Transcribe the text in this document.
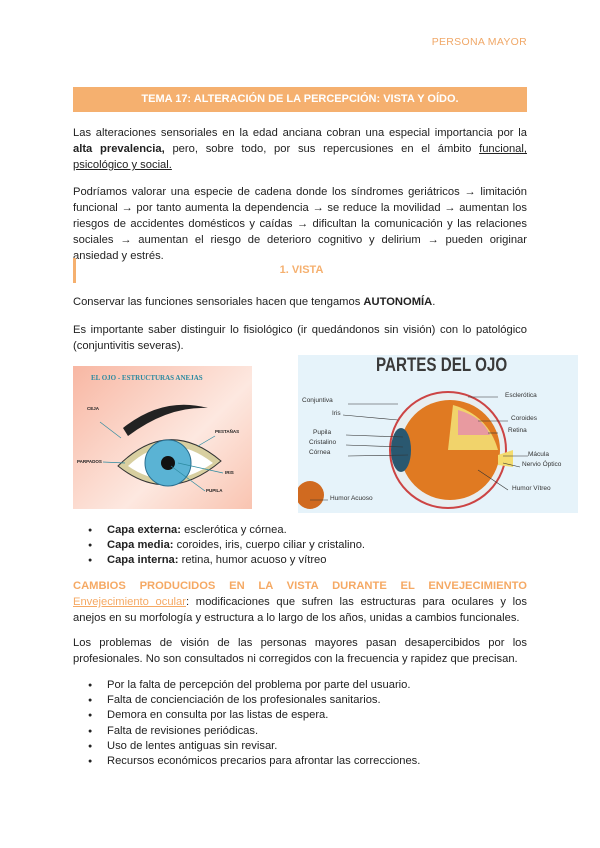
PERSONA MAYOR
TEMA 17: ALTERACIÓN DE LA PERCEPCIÓN: VISTA Y OÍDO.

Las alteraciones sensoriales en la edad anciana cobran una especial importancia por la alta prevalencia, pero, sobre todo, por sus repercusiones en el ámbito funcional, psicológico y social.

Podríamos valorar una especie de cadena donde los síndromes geriátricos → limitación funcional → por tanto aumenta la dependencia → se reduce la movilidad → aumentan los riesgos de accidentes domésticos y caídas → dificultan la comunicación y las relaciones sociales → aumentan el riesgo de deterioro cognitivo y delirium → pueden originar ansiedad y estrés.

1. VISTA

Conservar las funciones sensoriales hacen que tengamos AUTONOMÍA.

Es importante saber distinguir lo fisiológico (ir quedándonos sin visión) con lo patológico (conjuntivitis severas).

EL OJO - ESTRUCTURAS ANEJAS
CEJA
PESTAÑAS
PARPADOS
IRIS
PUPILA
PARTES DEL OJO
Conjuntiva
Iris
Pupila
Cristalino
Córnea
Humor Acuoso
Esclerótica
Coroides
Retina
Mácula
Nervio Óptico
Humor Vítreo
● Capa externa: esclerótica y córnea.
● Capa media: coroides, iris, cuerpo ciliar y cristalino.
● Capa interna: retina, humor acuoso y vítreo
CAMBIOS PRODUCIDOS EN LA VISTA DURANTE EL ENVEJECIMIENTO

Envejecimiento ocular: modificaciones que sufren las estructuras para oculares y los anejos en su morfología y estructura a lo largo de los años, unidas a cambios funcionales.

Los problemas de visión de las personas mayores pasan desapercibidos por los profesionales. No son consultados ni corregidos con la frecuencia y rapidez que precisan.

● Por la falta de percepción del problema por parte del usuario.
● Falta de concienciación de los profesionales sanitarios.
● Demora en consulta por las listas de espera.
● Falta de revisiones periódicas.
● Uso de lentes antiguas sin revisar.
● Recursos económicos precarios para afrontar las correcciones.
